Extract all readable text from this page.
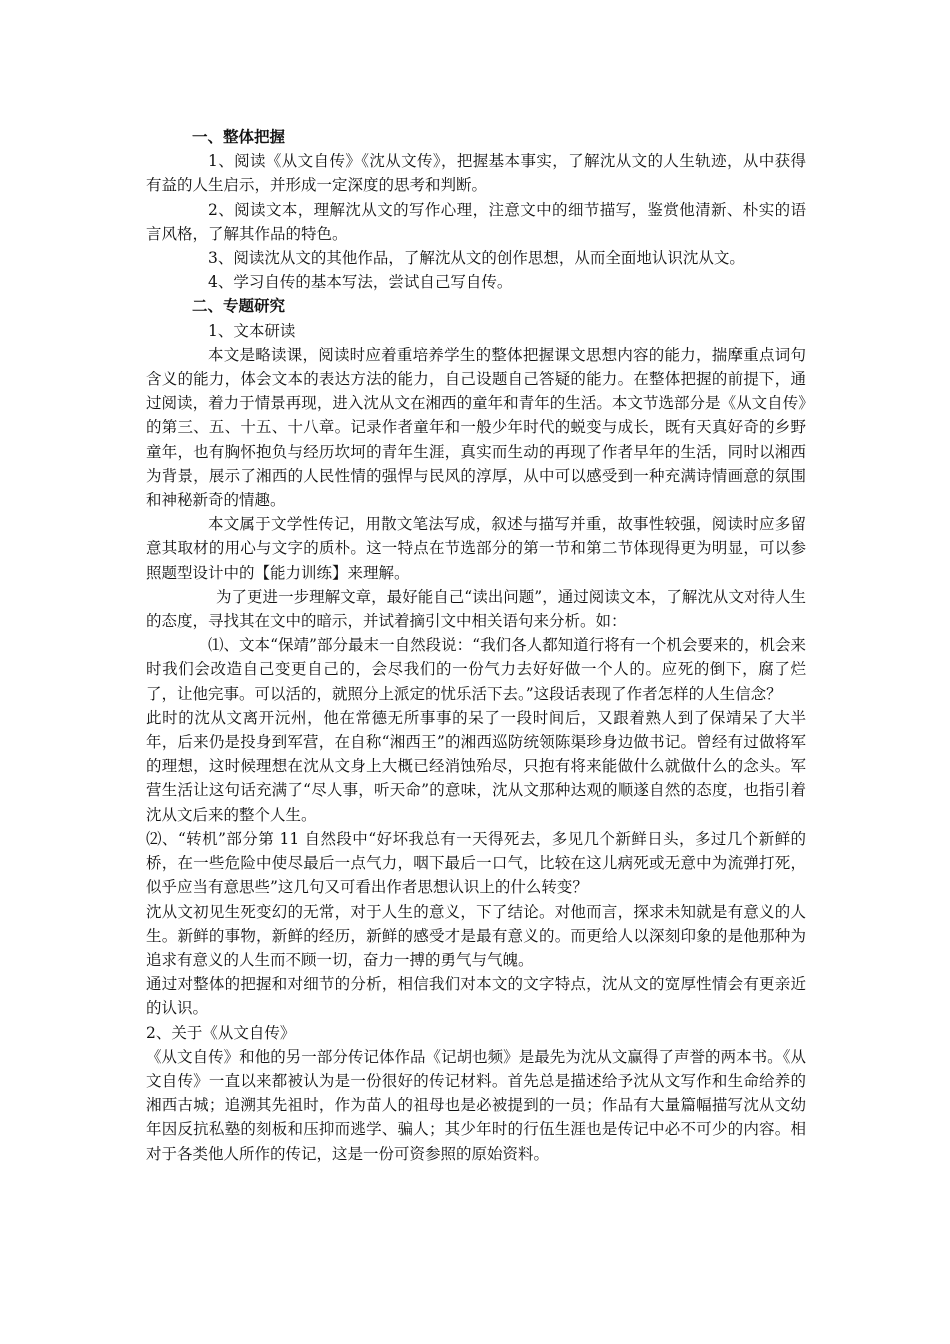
一、整体把握

1、阅读《从文自传》《沈从文传》，把握基本事实，了解沈从文的人生轨迹，从中获得有益的人生启示，并形成一定深度的思考和判断。

2、阅读文本，理解沈从文的写作心理，注意文中的细节描写，鉴赏他清新、朴实的语言风格，了解其作品的特色。

3、阅读沈从文的其他作品，了解沈从文的创作思想，从而全面地认识沈从文。

4、学习自传的基本写法，尝试自己写自传。

二、专题研究

1、文本研读

本文是略读课，阅读时应着重培养学生的整体把握课文思想内容的能力，揣摩重点词句含义的能力，体会文本的表达方法的能力，自己设题自己答疑的能力。在整体把握的前提下，通过阅读，着力于情景再现，进入沈从文在湘西的童年和青年的生活。本文节选部分是《从文自传》的第三、五、十五、十八章。记录作者童年和一般少年时代的蜕变与成长，既有天真好奇的乡野童年，也有胸怀抱负与经历坎坷的青年生涯，真实而生动的再现了作者早年的生活，同时以湘西为背景，展示了湘西的人民性情的强悍与民风的淳厚，从中可以感受到一种充满诗情画意的氛围和神秘新奇的情趣。

本文属于文学性传记，用散文笔法写成，叙述与描写并重，故事性较强，阅读时应多留意其取材的用心与文字的质朴。这一特点在节选部分的第一节和第二节体现得更为明显，可以参照题型设计中的【能力训练】来理解。

为了更进一步理解文章，最好能自己“读出问题”，通过阅读文本，了解沈从文对待人生的态度，寻找其在文中的暗示，并试着摘引文中相关语句来分析。如：

⑴、文本“保靖”部分最末一自然段说：“我们各人都知道行将有一个机会要来的，机会来时我们会改造自己变更自己的，会尽我们的一份气力去好好做一个人的。应死的倒下，腐了烂了，让他完事。可以活的，就照分上派定的忧乐活下去。”这段话表现了作者怎样的人生信念？

此时的沈从文离开沅州，他在常德无所事事的呆了一段时间后，又跟着熟人到了保靖呆了大半年，后来仍是投身到军营，在自称“湘西王”的湘西巡防统领陈渠珍身边做书记。曾经有过做将军的理想，这时候理想在沈从文身上大概已经消蚀殆尽，只抱有将来能做什么就做什么的念头。军营生活让这句话充满了“尽人事，听天命”的意味，沈从文那种达观的顺遂自然的态度，也指引着沈从文后来的整个人生。

⑵、“转机”部分第 11 自然段中“好坏我总有一天得死去，多见几个新鲜日头，多过几个新鲜的桥，在一些危险中使尽最后一点气力，咽下最后一口气，比较在这儿病死或无意中为流弹打死，似乎应当有意思些”这几句又可看出作者思想认识上的什么转变？

沈从文初见生死变幻的无常，对于人生的意义，下了结论。对他而言，探求未知就是有意义的人生。新鲜的事物，新鲜的经历，新鲜的感受才是最有意义的。而更给人以深刻印象的是他那种为追求有意义的人生而不顾一切，奋力一搏的勇气与气魄。

通过对整体的把握和对细节的分析，相信我们对本文的文字特点，沈从文的宽厚性情会有更亲近的认识。

2、关于《从文自传》

《从文自传》和他的另一部分传记体作品《记胡也频》是最先为沈从文赢得了声誉的两本书。《从文自传》一直以来都被认为是一份很好的传记材料。首先总是描述给予沈从文写作和生命给养的湘西古城；追溯其先祖时，作为苗人的祖母也是必被提到的一员；作品有大量篇幅描写沈从文幼年因反抗私塾的刻板和压抑而逃学、骗人；其少年时的行伍生涯也是传记中必不可少的内容。相对于各类他人所作的传记，这是一份可资参照的原始资料。
